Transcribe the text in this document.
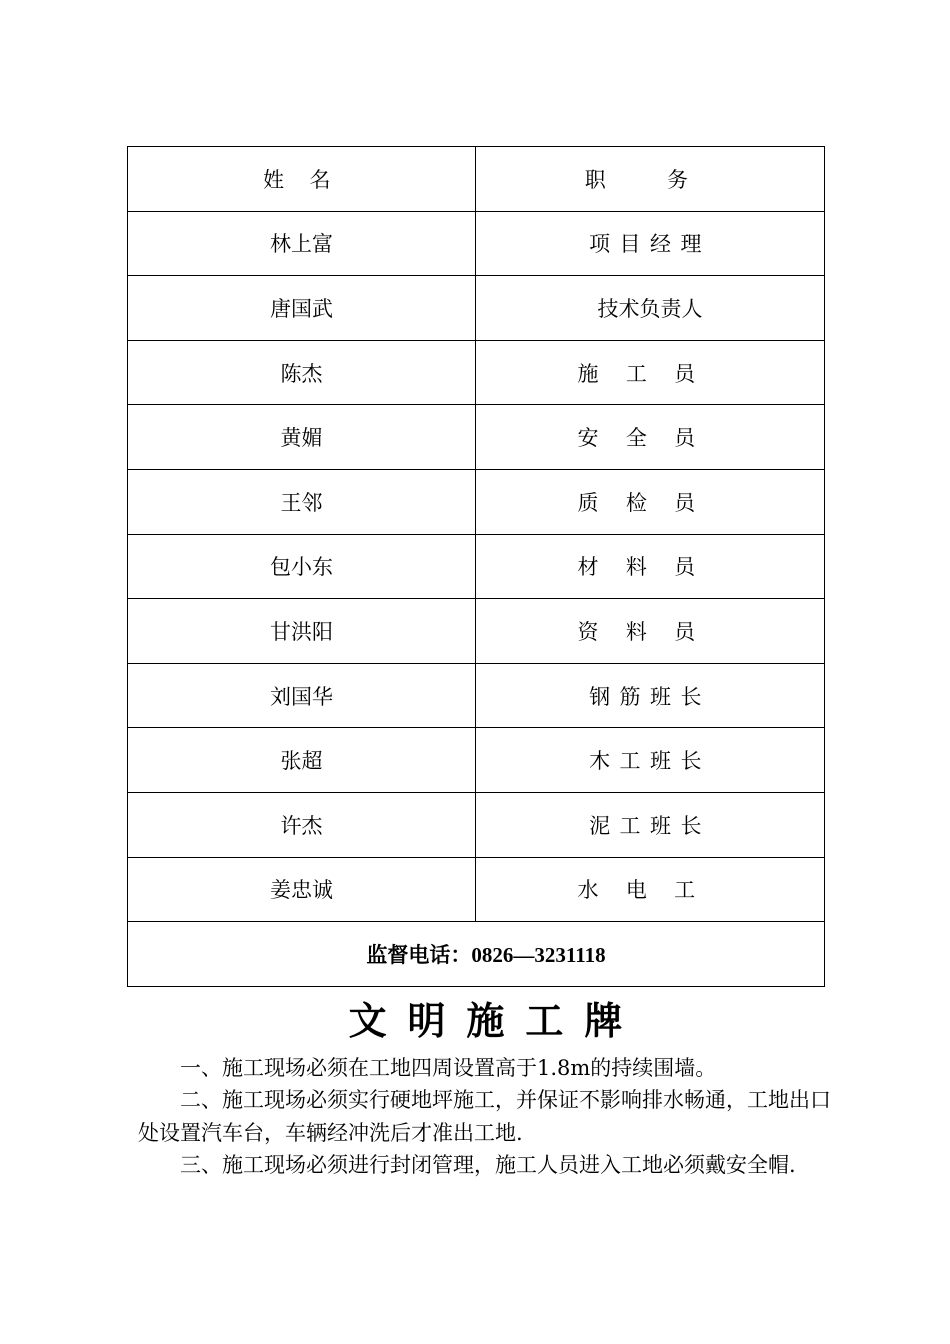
姓 名	职 务
林上富	项目经理
唐国武	技术负责人
陈杰	施工员
黄媚	安全员
王邻	质检员
包小东	材料员
甘洪阳	资料员
刘国华	钢筋班长
张超	木工班长
许杰	泥工班长
姜忠诚	水电工
监督电话：0826—3231118	
文明施工牌

一、施工现场必须在工地四周设置高于1.8m的持续围墙。

二、施工现场必须实行硬地坪施工，并保证不影响排水畅通，工地出口处设置汽车台，车辆经冲洗后才准出工地.

三、施工现场必须进行封闭管理，施工人员进入工地必须戴安全帽.
